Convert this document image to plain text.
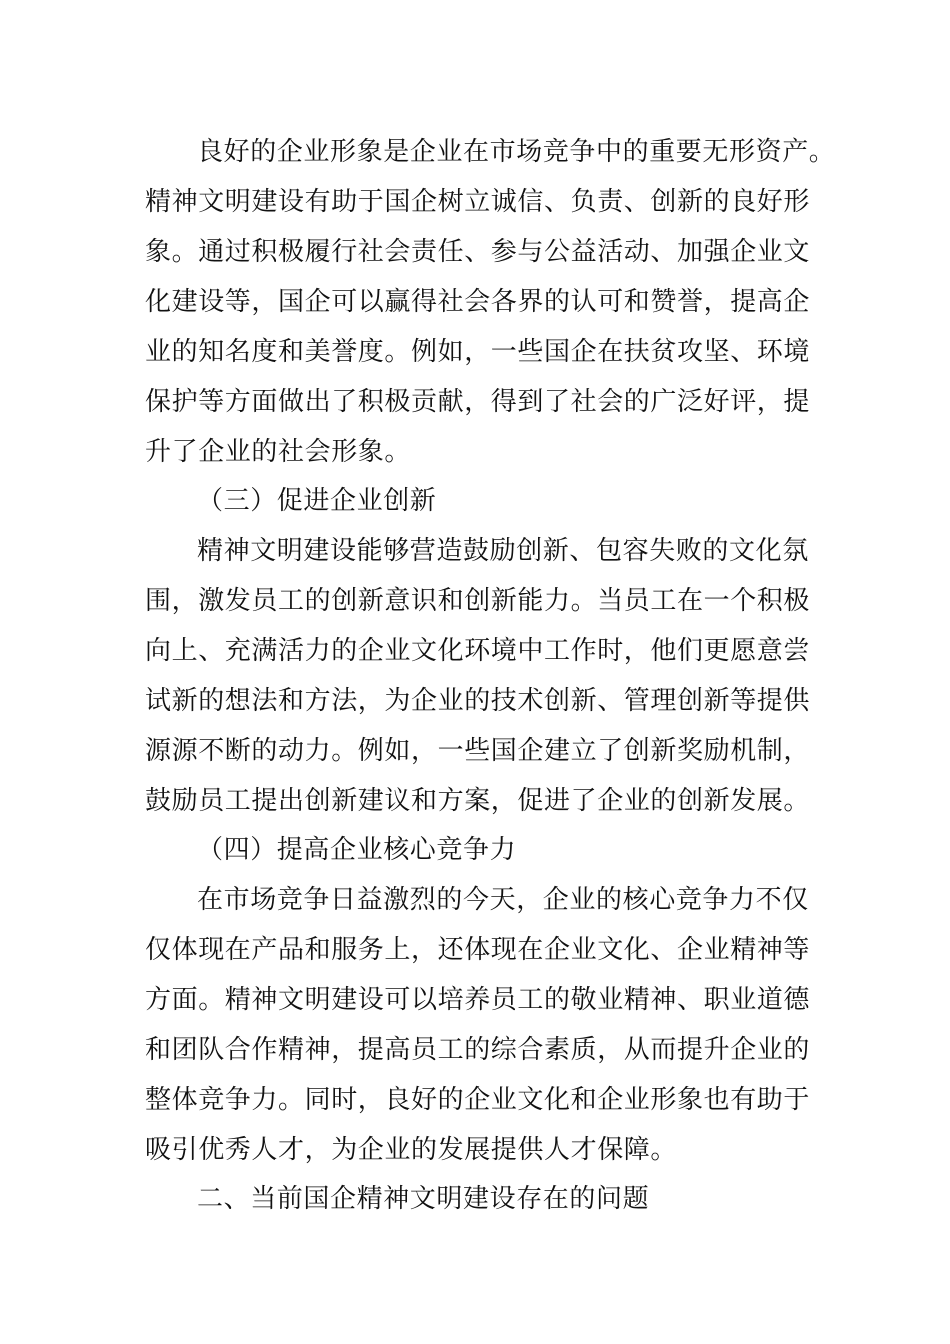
良好的企业形象是企业在市场竞争中的重要无形资产。
精神文明建设有助于国企树立诚信、负责、创新的良好形
象。通过积极履行社会责任、参与公益活动、加强企业文
化建设等，国企可以赢得社会各界的认可和赞誉，提高企
业的知名度和美誉度。例如，一些国企在扶贫攻坚、环境
保护等方面做出了积极贡献，得到了社会的广泛好评，提
升了企业的社会形象。
（三）促进企业创新
精神文明建设能够营造鼓励创新、包容失败的文化氛
围，激发员工的创新意识和创新能力。当员工在一个积极
向上、充满活力的企业文化环境中工作时，他们更愿意尝
试新的想法和方法，为企业的技术创新、管理创新等提供
源源不断的动力。例如，一些国企建立了创新奖励机制，
鼓励员工提出创新建议和方案，促进了企业的创新发展。
（四）提高企业核心竞争力
在市场竞争日益激烈的今天，企业的核心竞争力不仅
仅体现在产品和服务上，还体现在企业文化、企业精神等
方面。精神文明建设可以培养员工的敬业精神、职业道德
和团队合作精神，提高员工的综合素质，从而提升企业的
整体竞争力。同时，良好的企业文化和企业形象也有助于
吸引优秀人才，为企业的发展提供人才保障。
二、当前国企精神文明建设存在的问题
